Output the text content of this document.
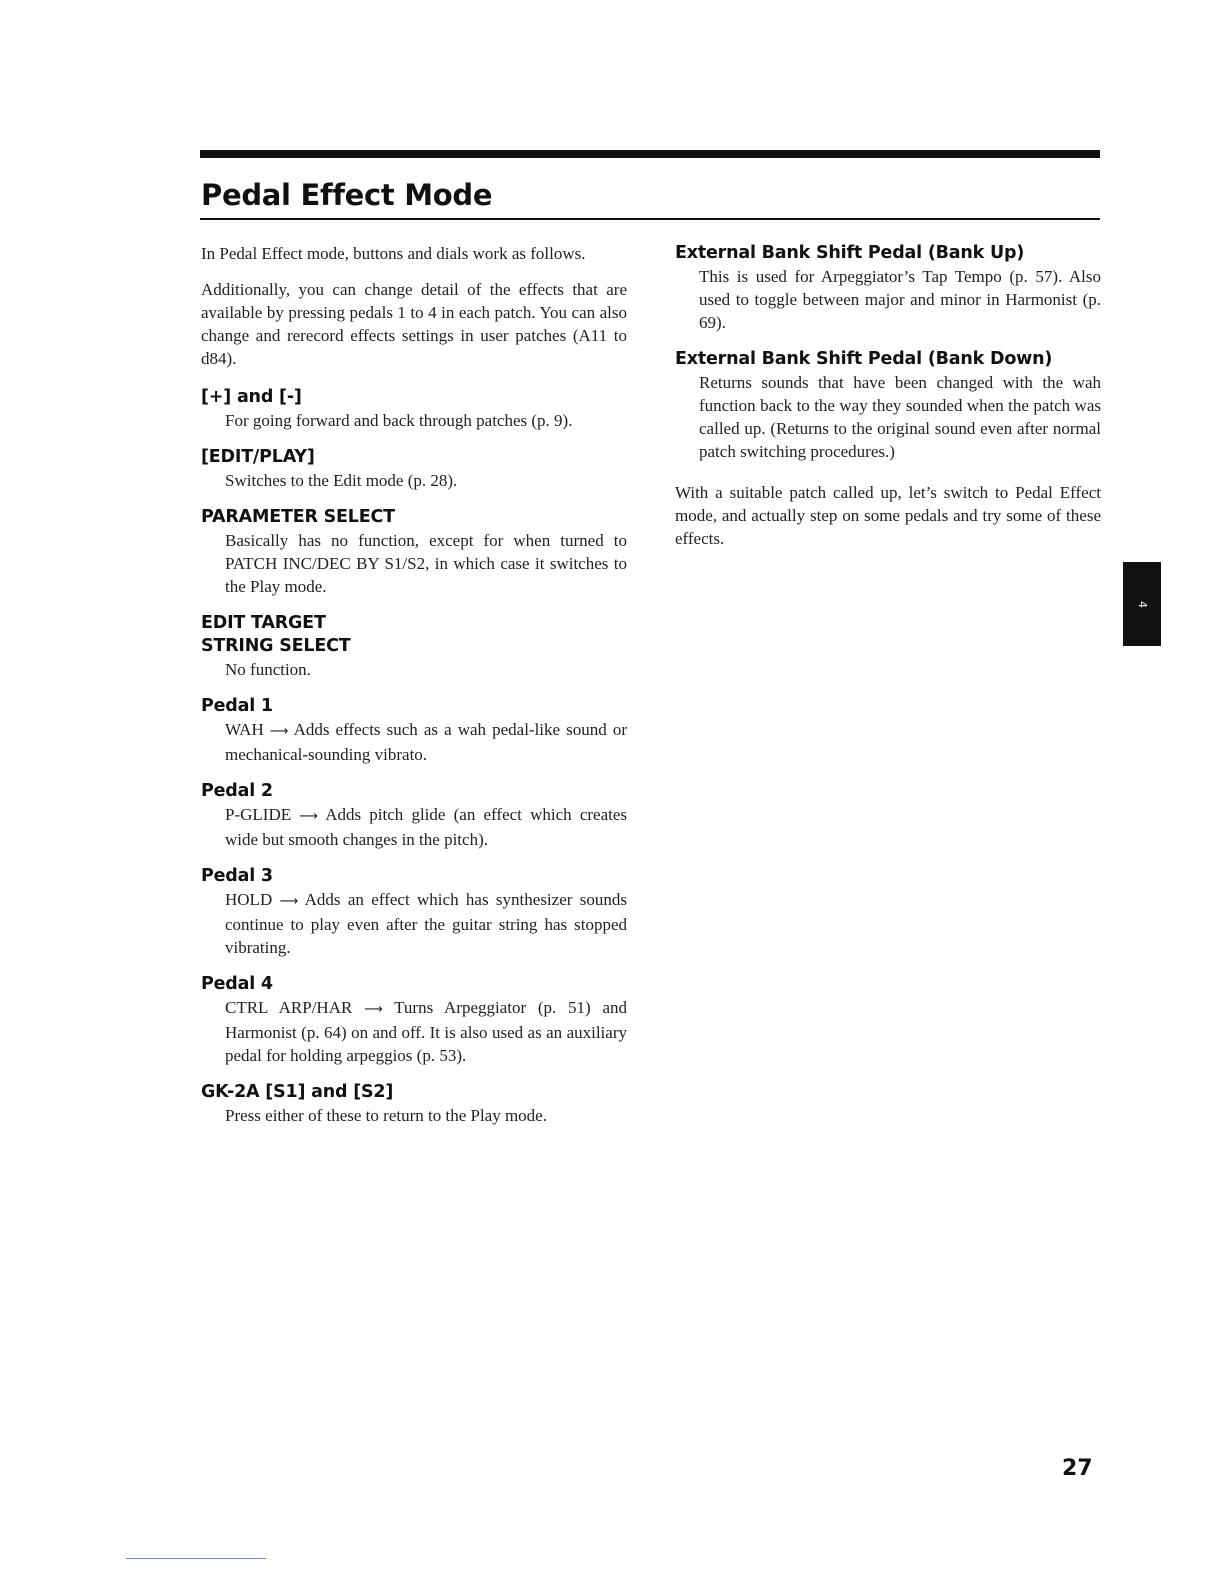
Pedal Effect Mode

In Pedal Effect mode, buttons and dials work as follows.

Additionally, you can change detail of the effects that are available by pressing pedals 1 to 4 in each patch. You can also change and rerecord effects settings in user patches (A11 to d84).

[+] and [-]

For going forward and back through patches (p. 9).

[EDIT/PLAY]

Switches to the Edit mode (p. 28).

PARAMETER SELECT

Basically has no function, except for when turned to PATCH INC/DEC BY S1/S2, in which case it switches to the Play mode.

EDIT TARGET
STRING SELECT

No function.

Pedal 1

WAH ⟶ Adds effects such as a wah pedal-like sound or mechanical-sounding vibrato.

Pedal 2

P-GLIDE ⟶ Adds pitch glide (an effect which creates wide but smooth changes in the pitch).

Pedal 3

HOLD ⟶ Adds an effect which has synthesizer sounds continue to play even after the guitar string has stopped vibrating.

Pedal 4

CTRL ARP/HAR ⟶ Turns Arpeggiator (p. 51) and Harmonist (p. 64) on and off. It is also used as an auxiliary pedal for holding arpeggios (p. 53).

GK-2A [S1] and [S2]

Press either of these to return to the Play mode.

External Bank Shift Pedal (Bank Up)

This is used for Arpeggiator’s Tap Tempo (p. 57). Also used to toggle between major and minor in Harmonist (p. 69).

External Bank Shift Pedal (Bank Down)

Returns sounds that have been changed with the wah function back to the way they sounded when the patch was called up. (Returns to the original sound even after normal patch switching procedures.)

With a suitable patch called up, let’s switch to Pedal Effect mode, and actually step on some pedals and try some of these effects.

4
27
